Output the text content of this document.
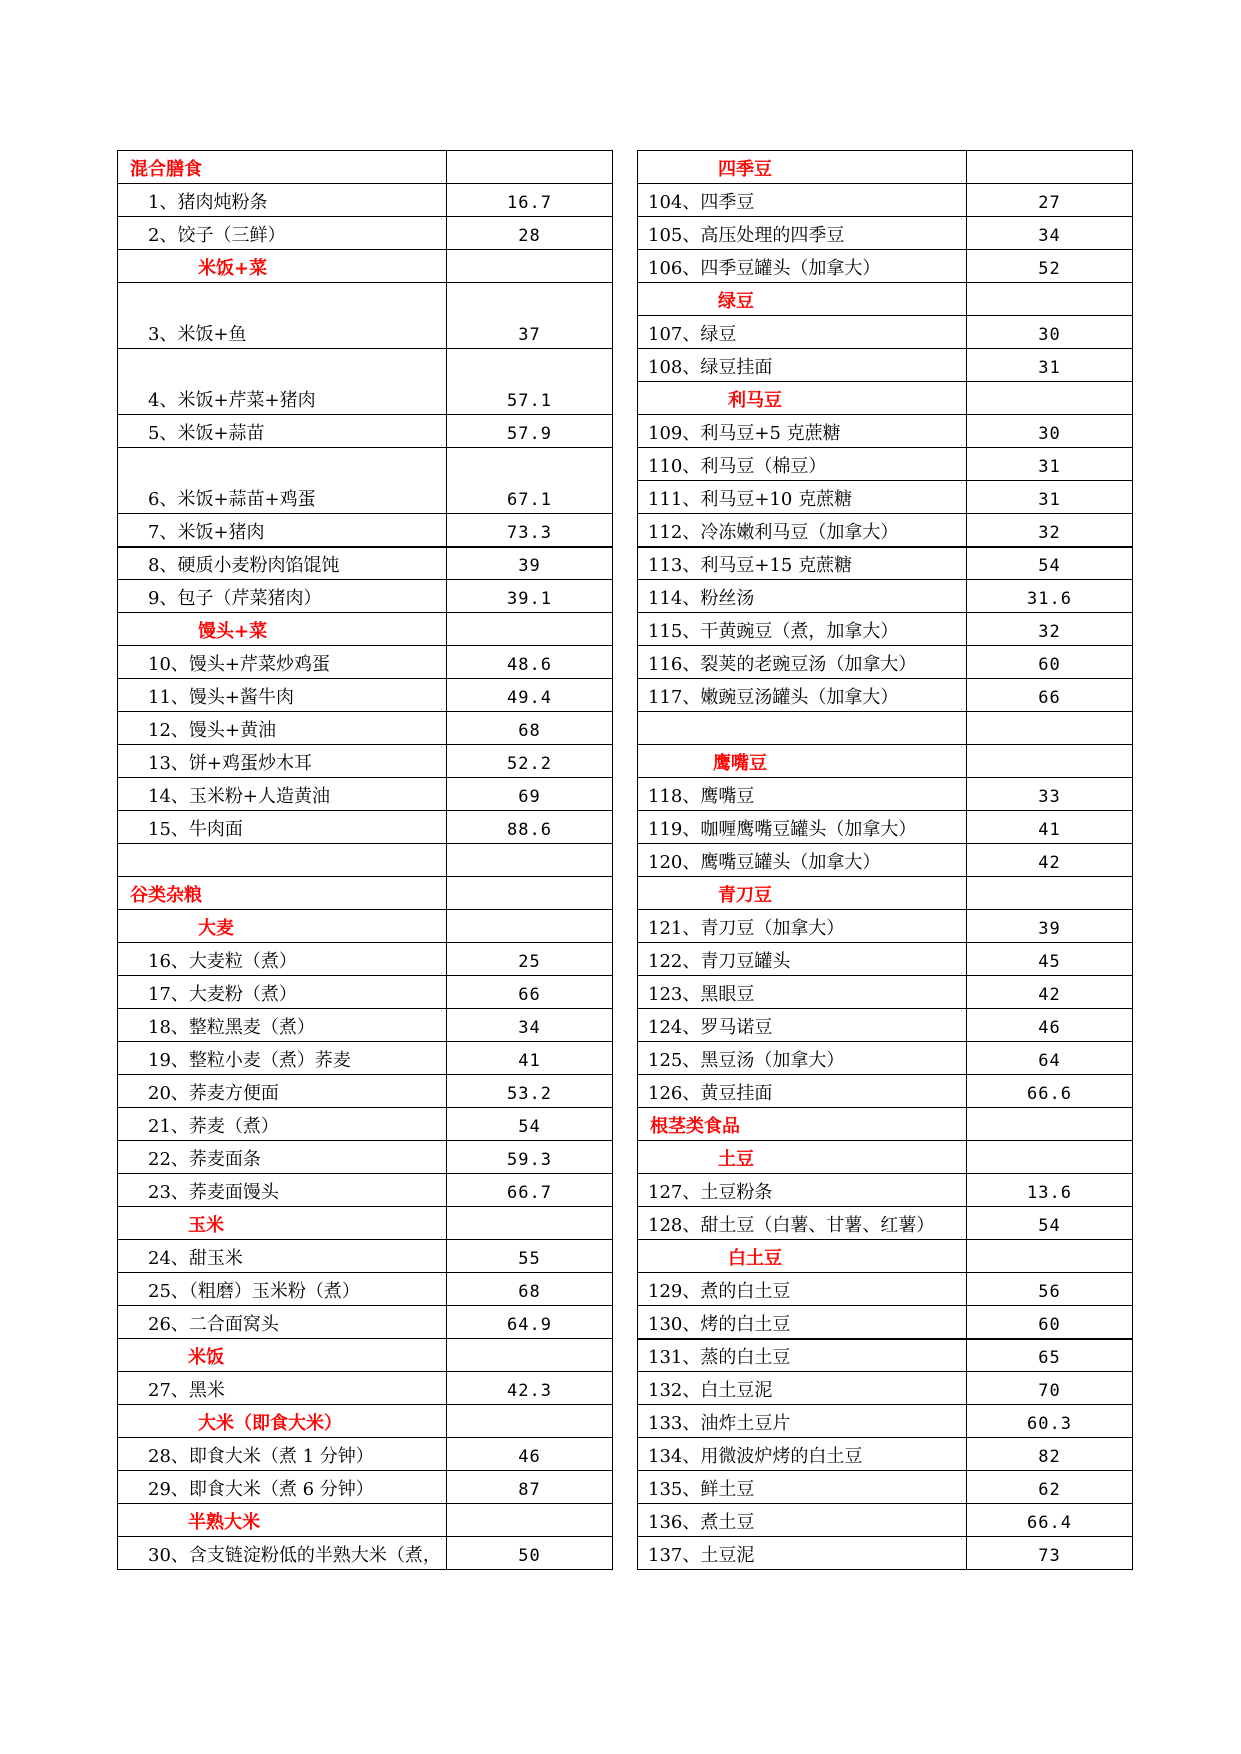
混合膳食	
1、猪肉炖粉条	16.7
2、饺子（三鲜）	28
米饭+菜	
3、米饭+鱼	37
4、米饭+芹菜+猪肉	57.1
5、米饭+蒜苗	57.9
6、米饭+蒜苗+鸡蛋	67.1
7、米饭+猪肉	73.3
8、硬质小麦粉肉馅馄饨	39
9、包子（芹菜猪肉）	39.1
馒头+菜	
10、馒头+芹菜炒鸡蛋	48.6
11、馒头+酱牛肉	49.4
12、馒头+黄油	68
13、饼+鸡蛋炒木耳	52.2
14、玉米粉+人造黄油	69
15、牛肉面	88.6

谷类杂粮	
大麦	
16、大麦粒（煮）	25
17、大麦粉（煮）	66
18、整粒黑麦（煮）	34
19、整粒小麦（煮）荞麦	41
20、荞麦方便面	53.2
21、荞麦（煮）	54
22、荞麦面条	59.3
23、荞麦面馒头	66.7
玉米	
24、甜玉米	55
25、（粗磨）玉米粉（煮）	68
26、二合面窝头	64.9
米饭	
27、黑米	42.3
大米（即食大米）	
28、即食大米（煮 1 分钟）	46
29、即食大米（煮 6 分钟）	87
半熟大米	
30、含支链淀粉低的半熟大米（煮，	50
四季豆	
104、四季豆	27
105、高压处理的四季豆	34
106、四季豆罐头（加拿大）	52
绿豆	
107、绿豆	30
108、绿豆挂面	31
利马豆	
109、利马豆+5 克蔗糖	30
110、利马豆（棉豆）	31
111、利马豆+10 克蔗糖	31
112、冷冻嫩利马豆（加拿大）	32
113、利马豆+15 克蔗糖	54
114、粉丝汤	31.6
115、干黄豌豆（煮，加拿大）	32
116、裂荚的老豌豆汤（加拿大）	60
117、嫩豌豆汤罐头（加拿大）	66

鹰嘴豆	
118、鹰嘴豆	33
119、咖喱鹰嘴豆罐头（加拿大）	41
120、鹰嘴豆罐头（加拿大）	42
青刀豆	
121、青刀豆（加拿大）	39
122、青刀豆罐头	45
123、黑眼豆	42
124、罗马诺豆	46
125、黑豆汤（加拿大）	64
126、黄豆挂面	66.6
根茎类食品	
土豆	
127、土豆粉条	13.6
128、甜土豆（白薯、甘薯、红薯）	54
白土豆	
129、煮的白土豆	56
130、烤的白土豆	60
131、蒸的白土豆	65
132、白土豆泥	70
133、油炸土豆片	60.3
134、用微波炉烤的白土豆	82
135、鲜土豆	62
136、煮土豆	66.4
137、土豆泥	73
